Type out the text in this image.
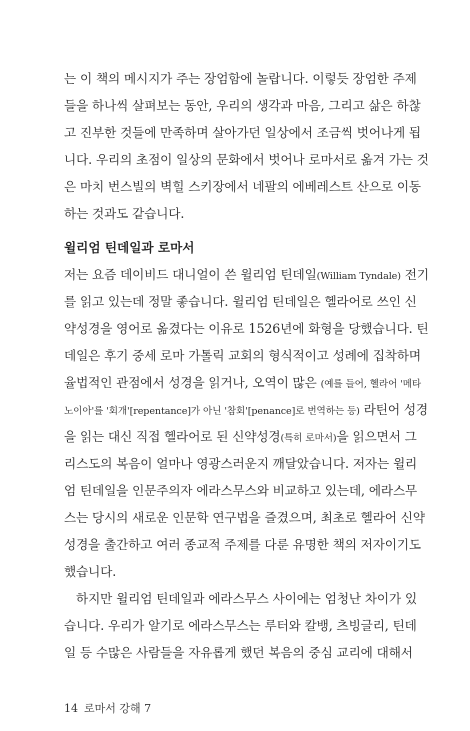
는 이 책의 메시지가 주는 장엄함에 놀랍니다. 이렇듯 장엄한 주제
들을 하나씩 살펴보는 동안, 우리의 생각과 마음, 그리고 삶은 하찮
고 진부한 것들에 만족하며 살아가던 일상에서 조금씩 벗어나게 됩
니다. 우리의 초점이 일상의 문화에서 벗어나 로마서로 옮겨 가는 것
은 마치 번스빌의 벽힐 스키장에서 네팔의 에베레스트 산으로 이동
하는 것과도 같습니다.
윌리엄 틴데일과 로마서
저는 요즘 데이비드 대니얼이 쓴 윌리엄 틴데일(William Tyndale) 전기
를 읽고 있는데 정말 좋습니다. 윌리엄 틴데일은 헬라어로 쓰인 신
약성경을 영어로 옮겼다는 이유로 1526년에 화형을 당했습니다. 틴
데일은 후기 중세 로마 가톨릭 교회의 형식적이고 성례에 집착하며
율법적인 관점에서 성경을 읽거나, 오역이 많은 (예를 들어, 헬라어 '메타
노이아'를 '회개'[repentance]가 아닌 '참회'[penance]로 번역하는 등) 라틴어 성경
을 읽는 대신 직접 헬라어로 된 신약성경(특히 로마서)을 읽으면서 그
리스도의 복음이 얼마나 영광스러운지 깨달았습니다. 저자는 윌리
엄 틴데일을 인문주의자 에라스무스와 비교하고 있는데, 에라스무
스는 당시의 새로운 인문학 연구법을 즐겼으며, 최초로 헬라어 신약
성경을 출간하고 여러 종교적 주제를 다룬 유명한 책의 저자이기도
했습니다.
하지만 윌리엄 틴데일과 에라스무스 사이에는 엄청난 차이가 있
습니다. 우리가 알기로 에라스무스는 루터와 칼뱅, 츠빙글리, 틴데
14 로마서 강해 7
일 등 수많은 사람들을 자유롭게 했던 복음의 중심 교리에 대해서
